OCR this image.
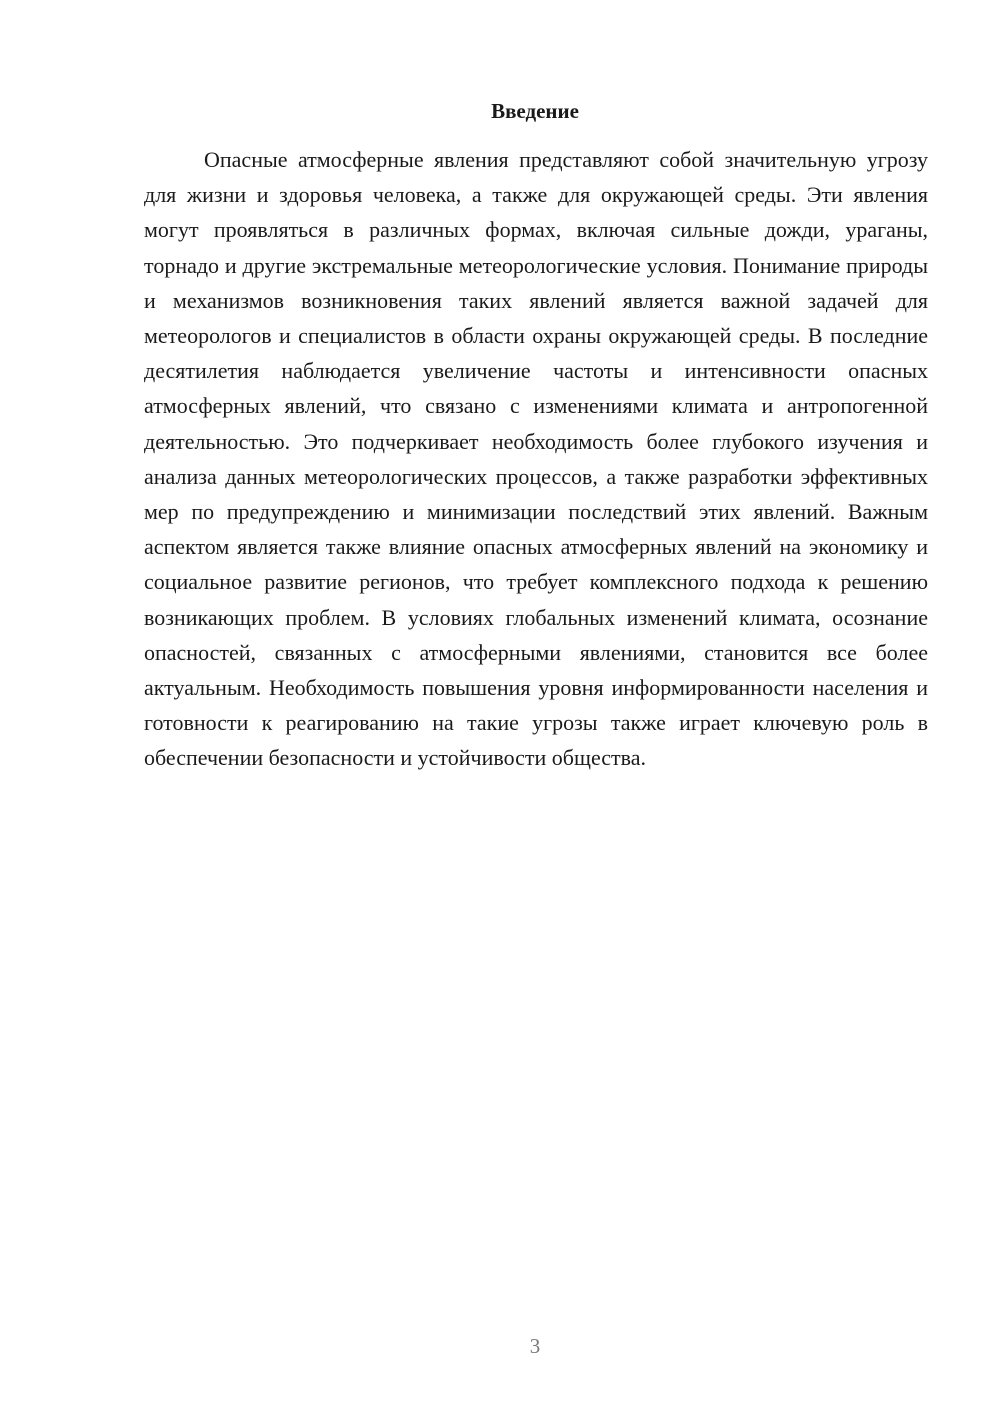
Введение

Опасные атмосферные явления представляют собой значительную угрозу для жизни и здоровья человека, а также для окружающей среды. Эти явления могут проявляться в различных формах, включая сильные дожди, ураганы, торнадо и другие экстремальные метеорологические условия. Понимание природы и механизмов возникновения таких явлений является важной задачей для метеорологов и специалистов в области охраны окружающей среды. В последние десятилетия наблюдается увеличение частоты и интенсивности опасных атмосферных явлений, что связано с изменениями климата и антропогенной деятельностью. Это подчеркивает необходимость более глубокого изучения и анализа данных метеорологических процессов, а также разработки эффективных мер по предупреждению и минимизации последствий этих явлений. Важным аспектом является также влияние опасных атмосферных явлений на экономику и социальное развитие регионов, что требует комплексного подхода к решению возникающих проблем. В условиях глобальных изменений климата, осознание опасностей, связанных с атмосферными явлениями, становится все более актуальным. Необходимость повышения уровня информированности населения и готовности к реагированию на такие угрозы также играет ключевую роль в обеспечении безопасности и устойчивости общества.

3
